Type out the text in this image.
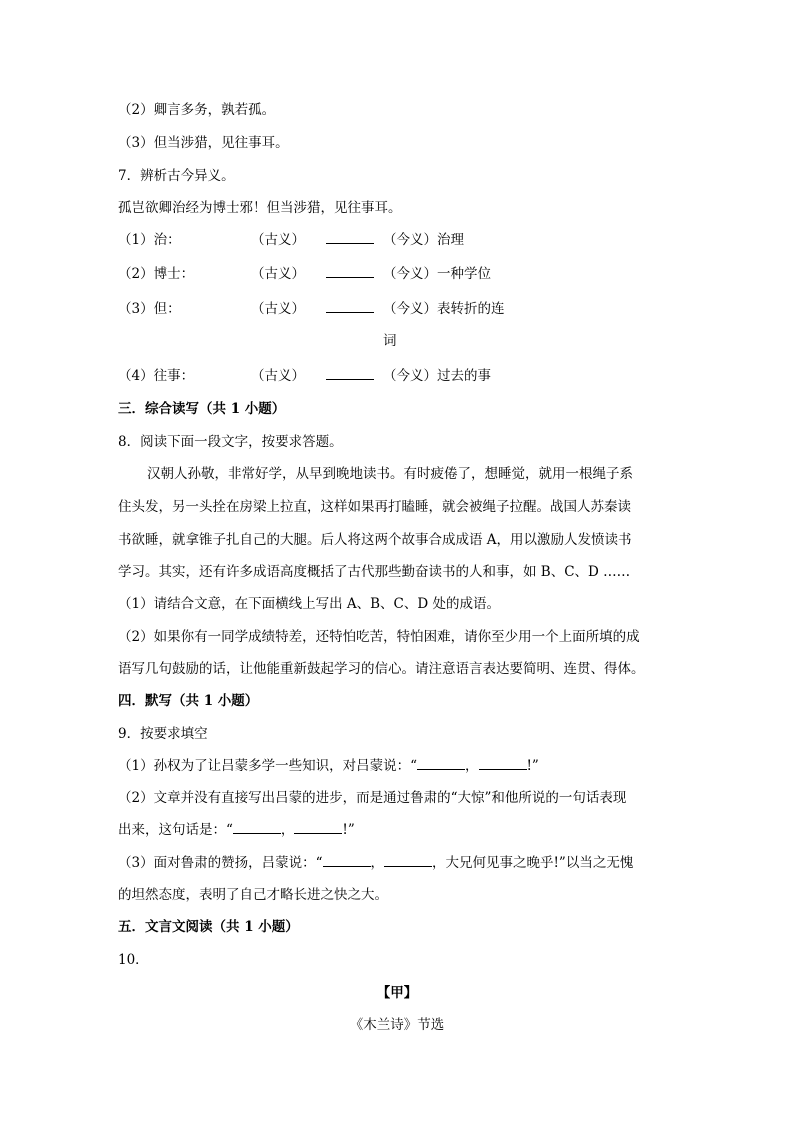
（2）卿言多务，孰若孤。
（3）但当涉猎，见往事耳。
7．辨析古今异义。
孤岂欲卿治经为博士邪！但当涉猎，见往事耳。
（1）治：	（古义）	（今义）治理
（2）博士：	（古义）	（今义）一种学位
（3）但：	（古义）	（今义）表转折的连
词
（4）往事：	（古义）	（今义）过去的事
三．综合读写（共 1 小题）
8．阅读下面一段文字，按要求答题。
汉朝人孙敬，非常好学，从早到晚地读书。有时疲倦了，想睡觉，就用一根绳子系
住头发，另一头拴在房梁上拉直，这样如果再打瞌睡，就会被绳子拉醒。战国人苏秦读
书欲睡，就拿锥子扎自己的大腿。后人将这两个故事合成成语 A，用以激励人发愤读书
学习。其实，还有许多成语高度概括了古代那些勤奋读书的人和事，如 B、C、D ……
（1）请结合文意，在下面横线上写出 A、B、C、D 处的成语。
（2）如果你有一同学成绩特差，还特怕吃苦，特怕困难，请你至少用一个上面所填的成
语写几句鼓励的话，让他能重新鼓起学习的信心。请注意语言表达要简明、连贯、得体。
四．默写（共 1 小题）
9．按要求填空
（1）孙权为了让吕蒙多学一些知识，对吕蒙说：“	，	!”
（2）文章并没有直接写出吕蒙的进步，而是通过鲁肃的“大惊”和他所说的一句话表现
出来，这句话是：“	，	!”
（3）面对鲁肃的赞扬，吕蒙说：“	，	，大兄何见事之晚乎!”以当之无愧
的坦然态度，表明了自己才略长进之快之大。
五．文言文阅读（共 1 小题）
10．
【甲】
《木兰诗》节选
